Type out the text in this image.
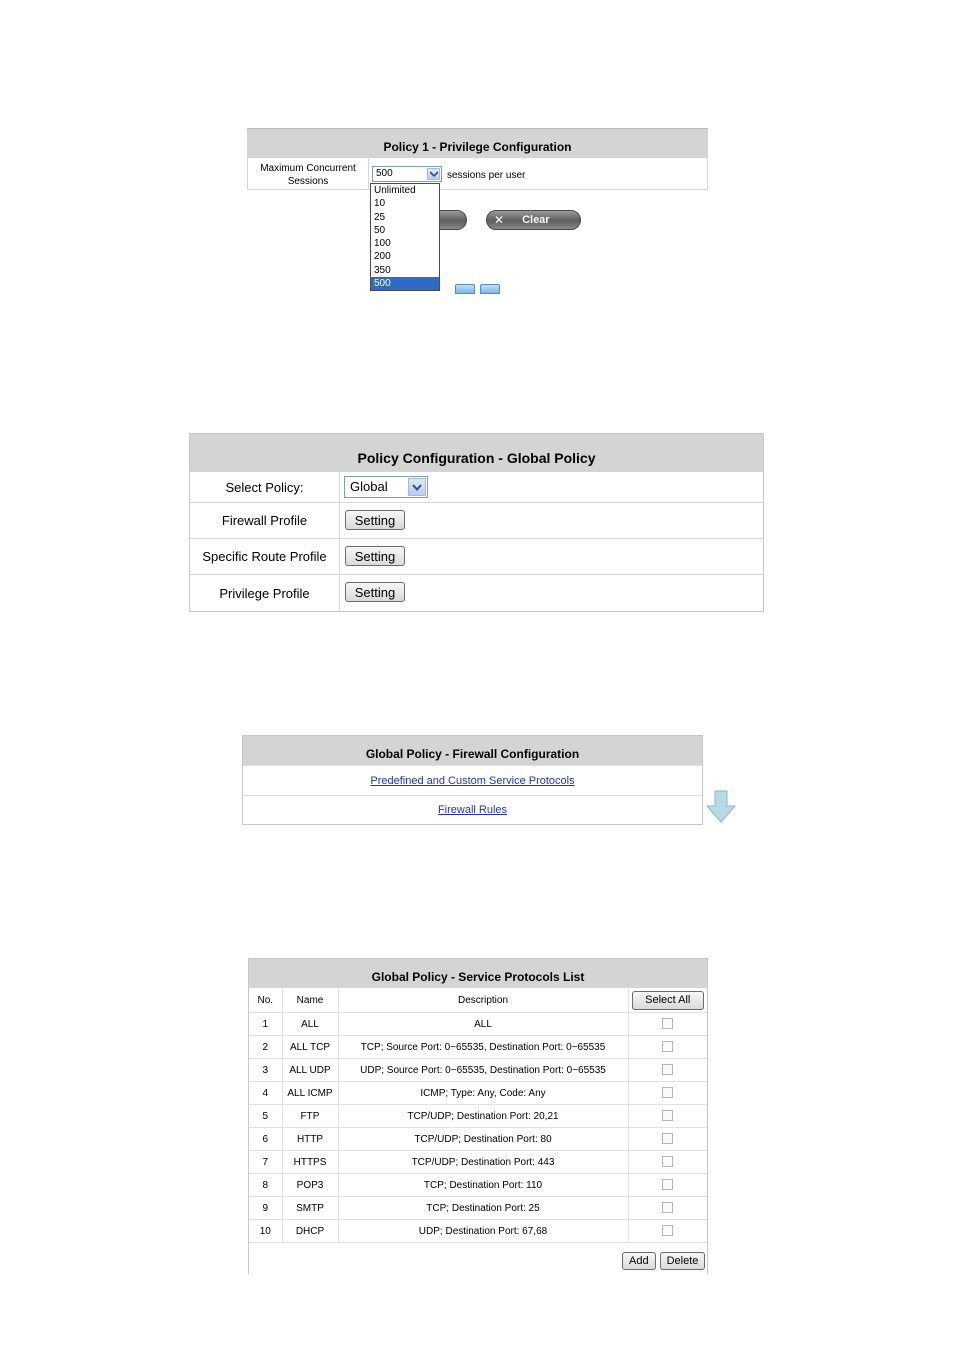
Policy 1 - Privilege Configuration
Maximum Concurrent
Sessions
500	sessions per user
✕ Clear
Unlimited
10
25
50
100
200
350
500
Policy Configuration - Global Policy
Select Policy:	Global
Firewall Profile	Setting
Specific Route Profile	Setting
Privilege Profile	Setting
Global Policy - Firewall Configuration
Predefined and Custom Service Protocols
Firewall Rules
Global Policy - Service Protocols List
No.	Name	Description	Select All
1	ALL	ALL	
2	ALL TCP	TCP; Source Port: 0~65535, Destination Port: 0~65535	
3	ALL UDP	UDP; Source Port: 0~65535, Destination Port: 0~65535	
4	ALL ICMP	ICMP; Type: Any, Code: Any	
5	FTP	TCP/UDP; Destination Port: 20,21	
6	HTTP	TCP/UDP; Destination Port: 80	
7	HTTPS	TCP/UDP; Destination Port: 443	
8	POP3	TCP; Destination Port: 110	
9	SMTP	TCP; Destination Port: 25	
10	DHCP	UDP; Destination Port: 67,68	
Add	Delete
